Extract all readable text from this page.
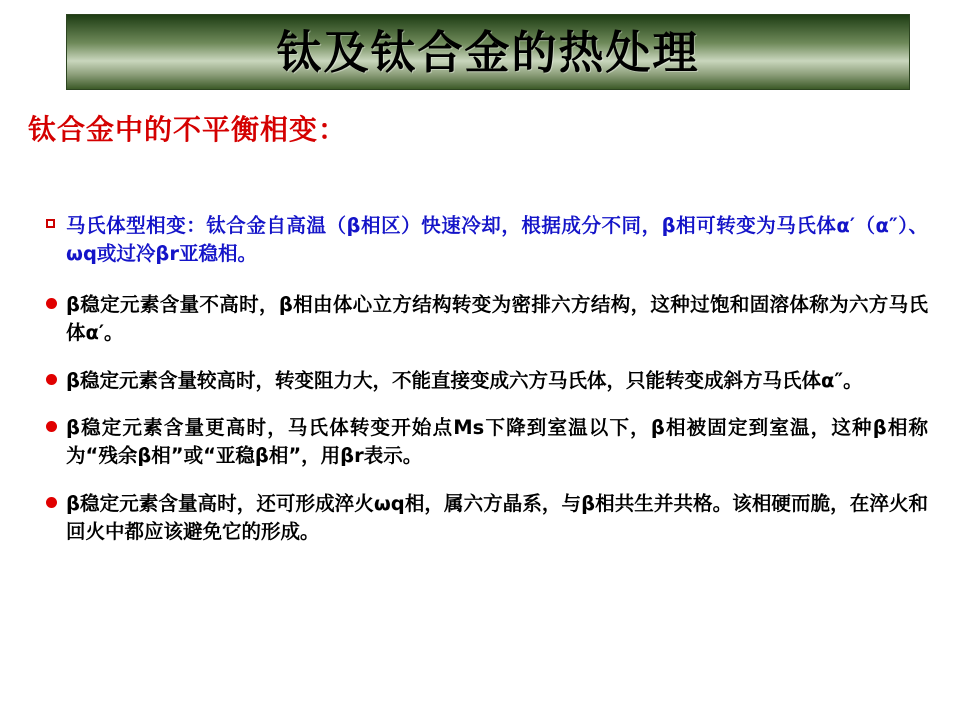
钛及钛合金的热处理
钛合金中的不平衡相变：
马氏体型相变：钛合金自高温（β相区）快速冷却，根据成分不同，β相可转变为马氏体α′（α″）、ωq或过冷βr亚稳相。
β稳定元素含量不高时，β相由体心立方结构转变为密排六方结构，这种过饱和固溶体称为六方马氏体α′。
β稳定元素含量较高时，转变阻力大，不能直接变成六方马氏体，只能转变成斜方马氏体α″。
β稳定元素含量更高时，马氏体转变开始点Ms下降到室温以下，β相被固定到室温，这种β相称为“残余β相”或“亚稳β相”，用βr表示。
β稳定元素含量高时，还可形成淬火ωq相，属六方晶系，与β相共生并共格。该相硬而脆，在淬火和回火中都应该避免它的形成。
